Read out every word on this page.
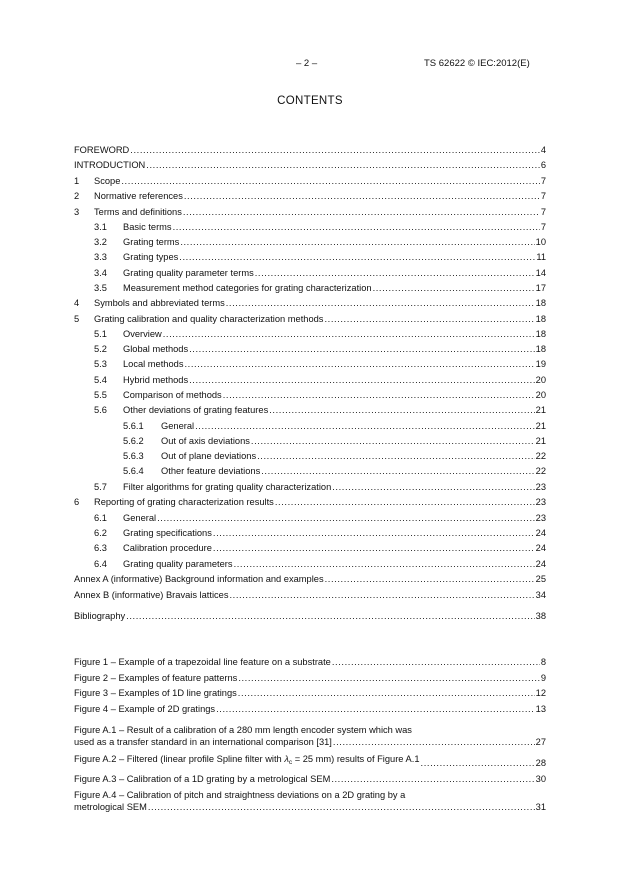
– 2 –	TS 62622 © IEC:2012(E)
CONTENTS
FOREWORD .....	4
INTRODUCTION .....	6
1 Scope .....	7
2 Normative references .....	7
3 Terms and definitions .....	7
3.1 Basic terms .....	7
3.2 Grating terms .....	10
3.3 Grating types .....	11
3.4 Grating quality parameter terms .....	14
3.5 Measurement method categories for grating characterization .....	17
4 Symbols and abbreviated terms .....	18
5 Grating calibration and quality characterization methods .....	18
5.1 Overview .....	18
5.2 Global methods .....	18
5.3 Local methods .....	19
5.4 Hybrid methods .....	20
5.5 Comparison of methods .....	20
5.6 Other deviations of grating features .....	21
5.6.1 General .....	21
5.6.2 Out of axis deviations .....	21
5.6.3 Out of plane deviations .....	22
5.6.4 Other feature deviations .....	22
5.7 Filter algorithms for grating quality characterization .....	23
6 Reporting of grating characterization results .....	23
6.1 General .....	23
6.2 Grating specifications .....	24
6.3 Calibration procedure .....	24
6.4 Grating quality parameters .....	24
Annex A (informative) Background information and examples .....	25
Annex B (informative) Bravais lattices .....	34
Bibliography .....	38
Figure A.2 – Filtered (linear profile Spline filter with $\lambda_c = 25$ mm) results of Figure A.1 .....	28
Figure A.3 – Calibration of a 1D grating by a metrological SEM .....	30
Figure A.1 – Result of a calibration of a 280 mm length encoder system which was
used as a transfer standard in an international comparison [31] .....	27
Figure A.4 – Calibration of pitch and straightness deviations on a 2D grating by a
metrological SEM .....	31
Figure 1 – Example of a trapezoidal line feature on a substrate .....	8
Figure 2 – Examples of feature patterns .....	9
Figure 3 – Examples of 1D line gratings .....	12
Figure 4 – Example of 2D gratings .....	13
